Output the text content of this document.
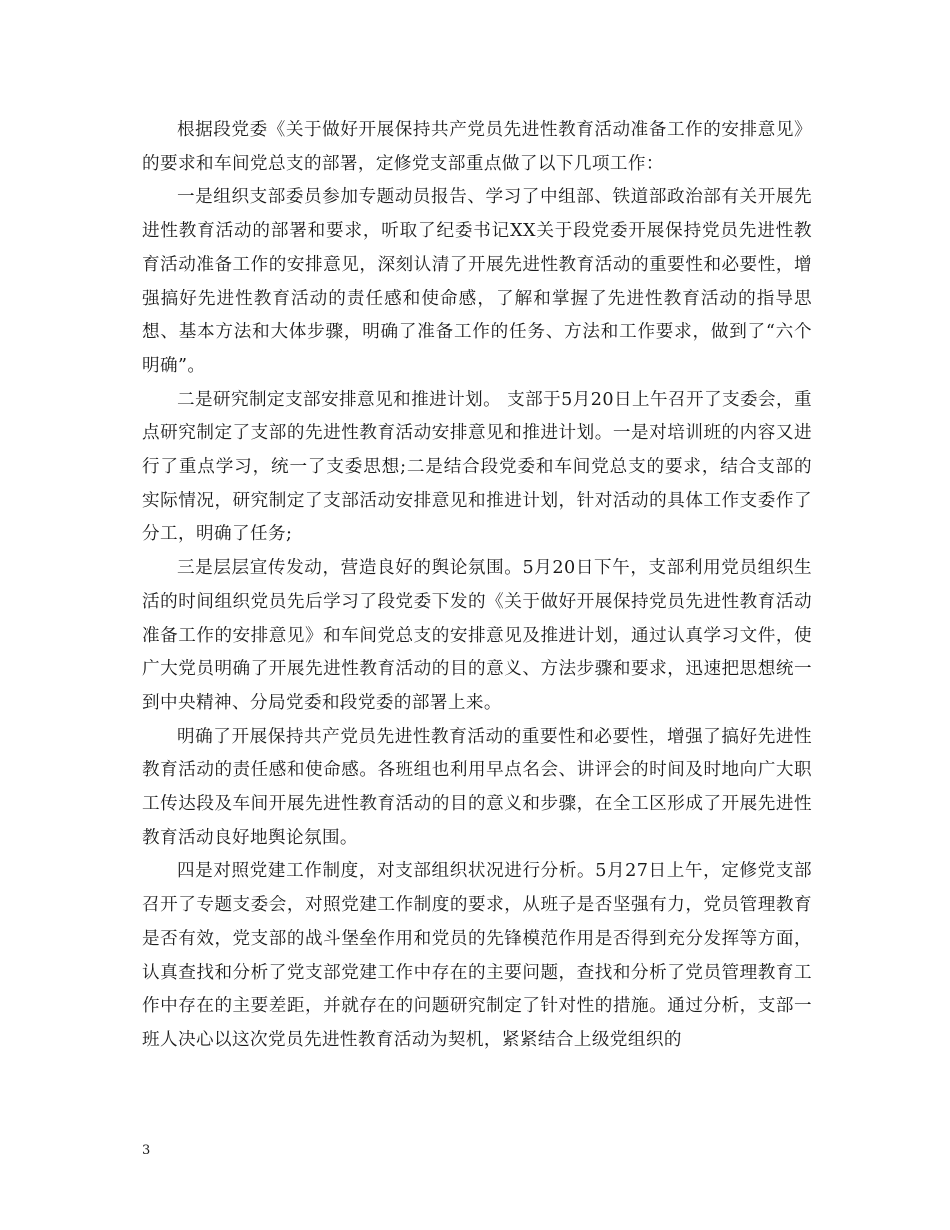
根据段党委《关于做好开展保持共产党员先进性教育活动准备工作的安排意见》的要求和车间党总支的部署，定修党支部重点做了以下几项工作：

一是组织支部委员参加专题动员报告、学习了中组部、铁道部政治部有关开展先进性教育活动的部署和要求，听取了纪委书记XX关于段党委开展保持党员先进性教育活动准备工作的安排意见，深刻认清了开展先进性教育活动的重要性和必要性，增强搞好先进性教育活动的责任感和使命感，了解和掌握了先进性教育活动的指导思想、基本方法和大体步骤，明确了准备工作的任务、方法和工作要求，做到了“六个明确”。

二是研究制定支部安排意见和推进计划。 支部于5月20日上午召开了支委会，重点研究制定了支部的先进性教育活动安排意见和推进计划。一是对培训班的内容又进行了重点学习，统一了支委思想;二是结合段党委和车间党总支的要求，结合支部的实际情况，研究制定了支部活动安排意见和推进计划，针对活动的具体工作支委作了分工，明确了任务;

三是层层宣传发动，营造良好的舆论氛围。5月20日下午，支部利用党员组织生活的时间组织党员先后学习了段党委下发的《关于做好开展保持党员先进性教育活动准备工作的安排意见》和车间党总支的安排意见及推进计划，通过认真学习文件，使广大党员明确了开展先进性教育活动的目的意义、方法步骤和要求，迅速把思想统一到中央精神、分局党委和段党委的部署上来。

明确了开展保持共产党员先进性教育活动的重要性和必要性，增强了搞好先进性教育活动的责任感和使命感。各班组也利用早点名会、讲评会的时间及时地向广大职工传达段及车间开展先进性教育活动的目的意义和步骤，在全工区形成了开展先进性教育活动良好地舆论氛围。

四是对照党建工作制度，对支部组织状况进行分析。5月27日上午，定修党支部召开了专题支委会，对照党建工作制度的要求，从班子是否坚强有力，党员管理教育是否有效，党支部的战斗堡垒作用和党员的先锋模范作用是否得到充分发挥等方面，认真查找和分析了党支部党建工作中存在的主要问题，查找和分析了党员管理教育工作中存在的主要差距，并就存在的问题研究制定了针对性的措施。通过分析，支部一班人决心以这次党员先进性教育活动为契机，紧紧结合上级党组织的

3
